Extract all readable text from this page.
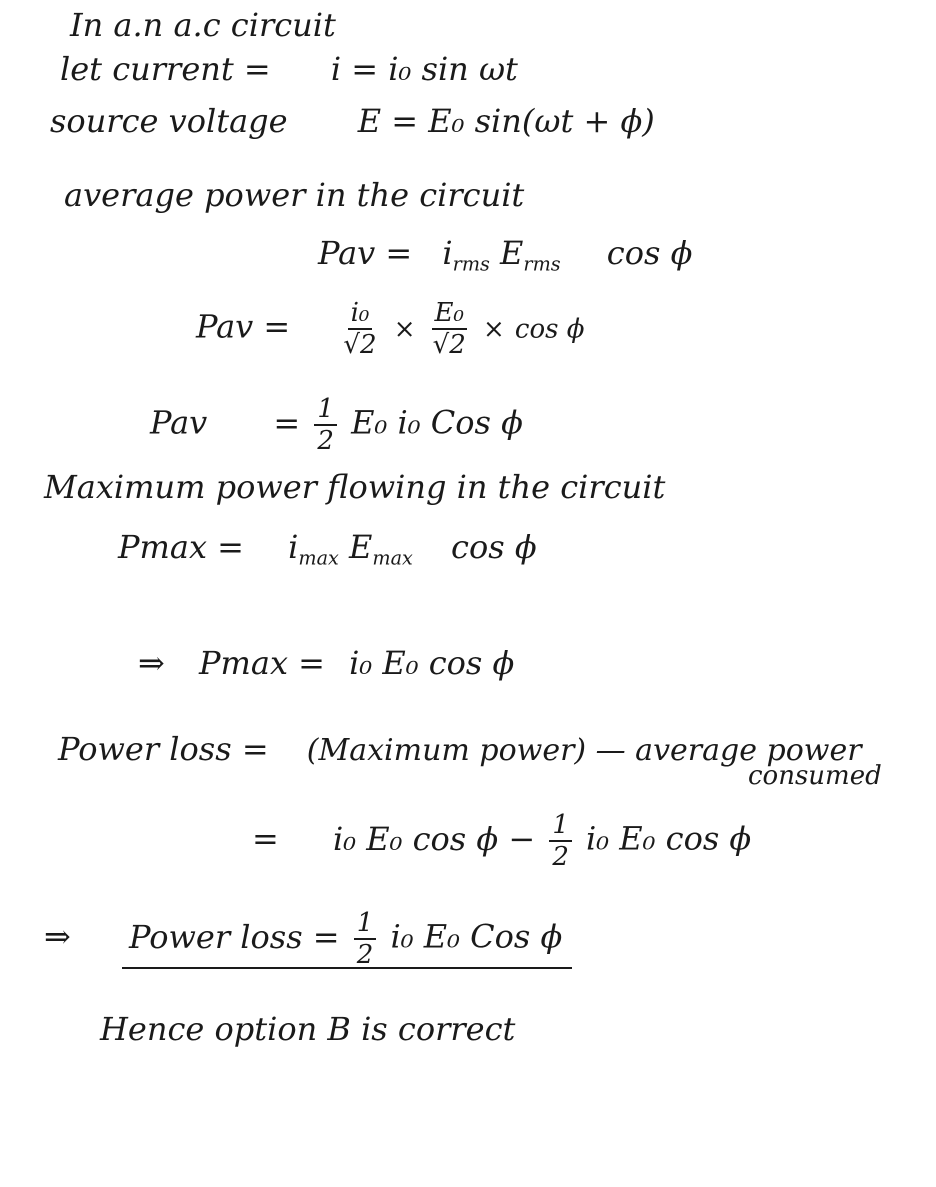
In a.n a.c circuit
let current = i = i₀ sin ωt
source voltage E = E₀ sin(ωt + ϕ)
average power in the circuit
Pav = $i_{rms}$ $E_{rms}$ cos ϕ
Pav = $\frac{\text{i₀}}{√2} \times \frac{\text{E₀}}{√2} \times \cos \phi$
Pav = $\frac{1}{2} E_0$ i₀ Cos ϕ
Maximum power flowing in the circuit
$Pmax = i_{max}$ $E_{max}$ cos ϕ
⇒ Pmax = i₀ E₀ cos ϕ
Power loss = (Maximum power) — average power
consumed
= i₀ E₀ $\cos \phi - \frac{1}{2} i_0$ E₀ cos ϕ
⇒ Power loss = $\frac{1}{2} i_0$ E₀ Cos ϕ
Hence option B is correct
